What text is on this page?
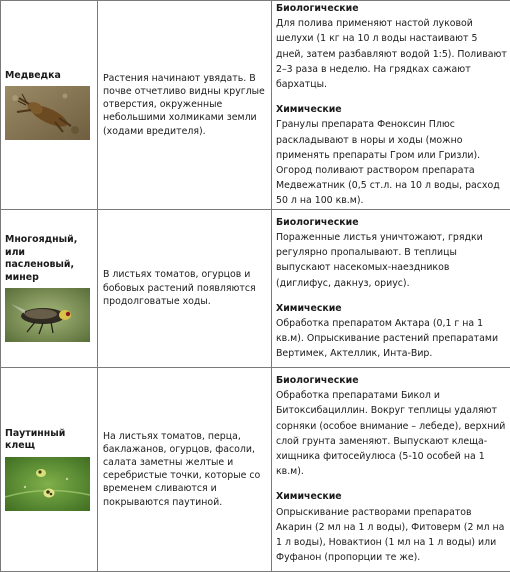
Медведка	Растения начинают увядать. В почве отчетливо видны круглые отверстия, окруженные небольшими холмиками земли (ходами вредителя).	Биологические
Для полива применяют настой луковой шелухи (1 кг на 10 л воды настаивают 5 дней, затем разбавляют водой 1:5). Поливают 2–3 раза в неделю. На грядках сажают бархатцы.
Химические
Гранулы препарата Феноксин Плюс раскладывают в норы и ходы (можно применять препараты Гром или Гризли). Огород поливают раствором препарата Медвежатник (0,5 ст.л. на 10 л воды, расход 50 л на 100 кв.м).

Многоядный, или пасленовый, минер	В листьях томатов, огурцов и бобовых растений появляются продолговатые ходы.	Биологические
Пораженные листья уничтожают, грядки регулярно пропалывают. В теплицы выпускают насекомых-наездников (диглифус, дакнуз, ориус).
Химические
Обработка препаратом Актара (0,1 г на 1 кв.м). Опрыскивание растений препаратами Вертимек, Актеллик, Инта-Вир.

Паутинный клещ	На листьях томатов, перца, баклажанов, огурцов, фасоли, салата заметны желтые и серебристые точки, которые со временем сливаются и покрываются паутиной.	Биологические
Обработка препаратами Бикол и Битоксибациллин. Вокруг теплицы удаляют сорняки (особое внимание – лебеде), верхний слой грунта заменяют. Выпускают клеща-хищника фитосейулюса (5-10 особей на 1 кв.м).
Химические
Опрыскивание растворами препаратов Акарин (2 мл на 1 л воды), Фитоверм (2 мл на 1 л воды), Новактион (1 мл на 1 л воды) или Фуфанон (пропорции те же).
